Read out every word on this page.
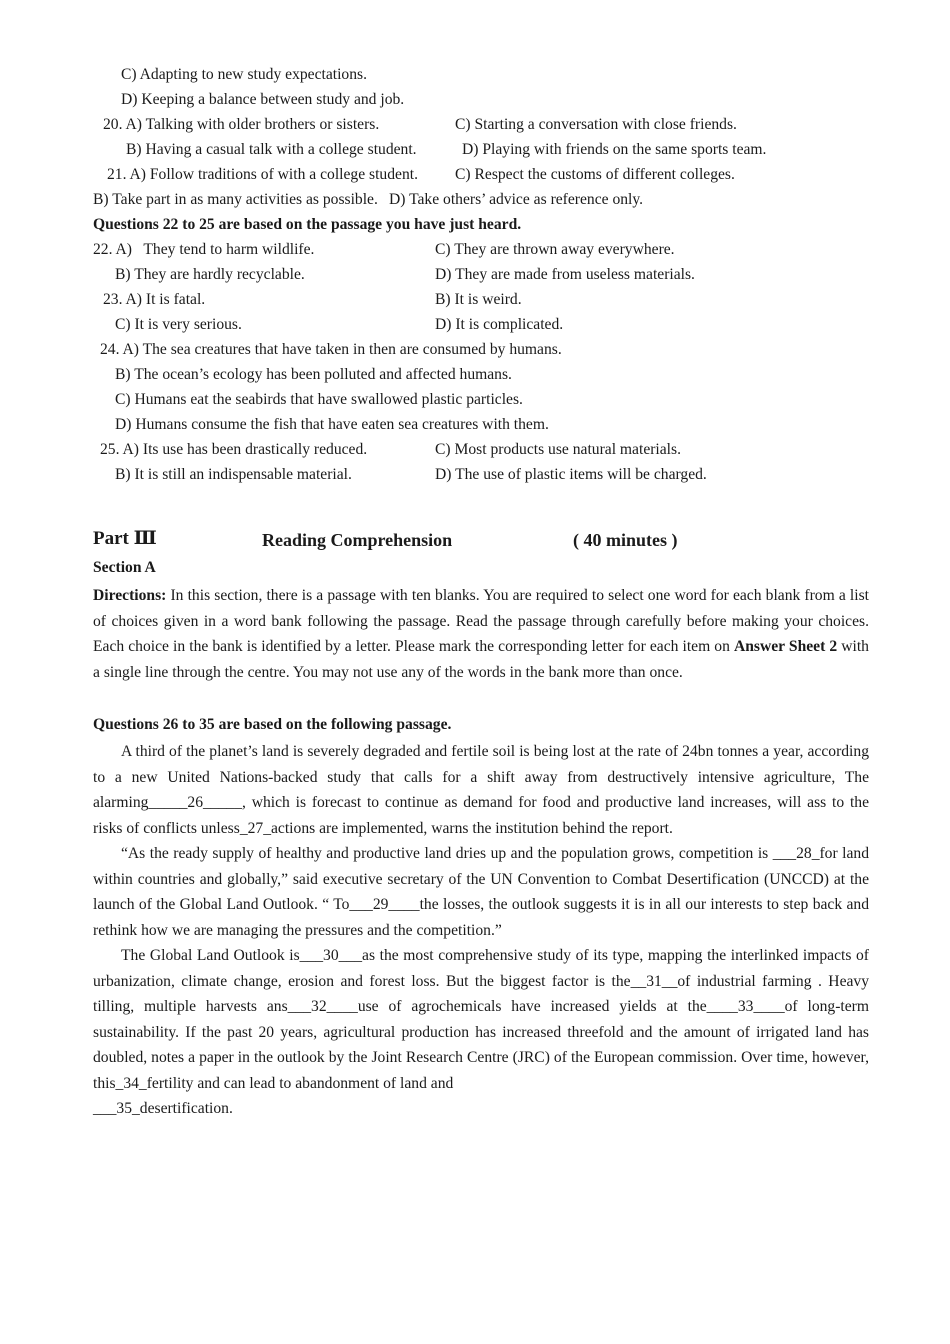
C) Adapting to new study expectations.
D) Keeping a balance between study and job.
20. A) Talking with older brothers or sisters.	C) Starting a conversation with close friends.
B) Having a casual talk with a college student.	D) Playing with friends on the same sports team.
21. A) Follow traditions of with a college student. C) Respect the customs of different colleges.
B) Take part in as many activities as possible. D) Take others’ advice as reference only.
Questions 22 to 25 are based on the passage you have just heard.
22. A)   They tend to harm wildlife.	C) They are thrown away everywhere.
B) They are hardly recyclable.	D) They are made from useless materials.
23. A) It is fatal.	B) It is weird.
C) It is very serious.	D) It is complicated.
24. A) The sea creatures that have taken in then are consumed by humans.
B) The ocean’s ecology has been polluted and affected humans.
C) Humans eat the seabirds that have swallowed plastic particles.
D) Humans consume the fish that have eaten sea creatures with them.
25. A) Its use has been drastically reduced.	C) Most products use natural materials.
B) It is still an indispensable material.	D) The use of plastic items will be charged.
Part Ⅲ	Reading Comprehension	( 40 minutes )
Section A

Directions: In this section, there is a passage with ten blanks. You are required to select one word for each blank from a list of choices given in a word bank following the passage. Read the passage through carefully before making your choices. Each choice in the bank is identified by a letter. Please mark the corresponding letter for each item on Answer Sheet 2 with a single line through the centre. You may not use any of the words in the bank more than once.

Questions 26 to 35 are based on the following passage.

A third of the planet’s land is severely degraded and fertile soil is being lost at the rate of 24bn tonnes a year, according to a new United Nations-backed study that calls for a shift away from destructively intensive agriculture, The alarming_____26_____, which is forecast to continue as demand for food and productive land increases, will ass to the risks of conflicts unless_27_actions are implemented, warns the institution behind the report.

“As the ready supply of healthy and productive land dries up and the population grows, competition is ___28_for land within countries and globally,” said executive secretary of the UN Convention to Combat Desertification (UNCCD) at the launch of the Global Land Outlook. “ To___29____the losses, the outlook suggests it is in all our interests to step back and rethink how we are managing the pressures and the competition.”

The Global Land Outlook is___30___as the most comprehensive study of its type, mapping the interlinked impacts of urbanization, climate change, erosion and forest loss. But the biggest factor is the__31__of industrial farming . Heavy tilling, multiple harvests ans___32____use of agrochemicals have increased yields at the____33____of long-term sustainability. If the past 20 years, agricultural production has increased threefold and the amount of irrigated land has doubled, notes a paper in the outlook by the Joint Research Centre (JRC) of the European commission. Over time, however, this_34_fertility and can lead to abandonment of land and

___35_desertification.
